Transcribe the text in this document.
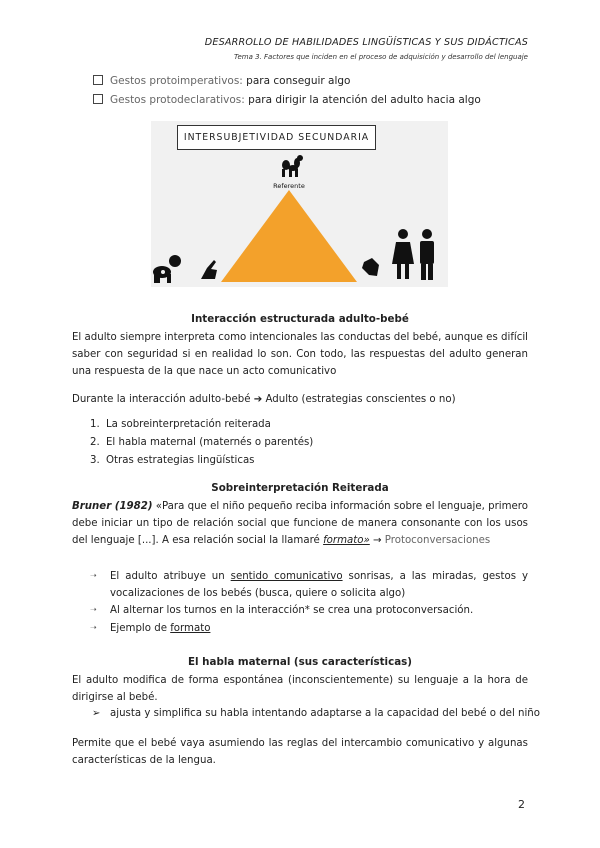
DESARROLLO DE HABILIDADES LINGÜÍSTICAS Y SUS DIDÁCTICAS
Tema 3. Factores que inciden en el proceso de adquisición y desarrollo del lenguaje
Gestos protoimperativos: para conseguir algo
Gestos protodeclarativos: para dirigir la atención del adulto hacia algo
INTERSUBJETIVIDAD SECUNDARIA
Referente
Interacción estructurada adulto-bebé
El adulto siempre interpreta como intencionales las conductas del bebé, aunque es difícil saber con seguridad si en realidad lo son. Con todo, las respuestas del adulto generan una respuesta de la que nace un acto comunicativo
Durante la interacción adulto-bebé ➔ Adulto (estrategias conscientes o no)
1. La sobreinterpretación reiterada
2. El habla maternal (maternés o parentés)
3. Otras estrategias lingüísticas
Sobreinterpretación Reiterada
Bruner (1982) «Para que el niño pequeño reciba información sobre el lenguaje, primero debe iniciar un tipo de relación social que funcione de manera consonante con los usos del lenguaje [...]. A esa relación social la llamaré formato» → Protoconversaciones
➝ El adulto atribuye un sentido comunicativo sonrisas, a las miradas, gestos y vocalizaciones de los bebés (busca, quiere o solicita algo)
➝ Al alternar los turnos en la interacción* se crea una protoconversación.
➝ Ejemplo de formato
El habla maternal (sus características)
El adulto modifica de forma espontánea (inconscientemente) su lenguaje a la hora de dirigirse al bebé.
➢ ajusta y simplifica su habla intentando adaptarse a la capacidad del bebé o del niño
Permite que el bebé vaya asumiendo las reglas del intercambio comunicativo y algunas características de la lengua.
2
